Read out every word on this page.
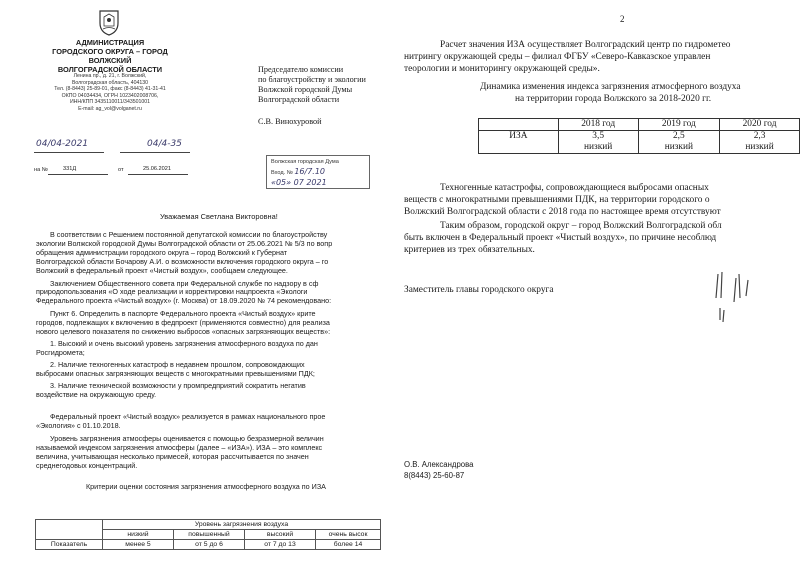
АДМИНИСТРАЦИЯ
ГОРОДСКОГО ОКРУГА – ГОРОД ВОЛЖСКИЙ
ВОЛГОГРАДСКОЙ ОБЛАСТИ
Ленина пр., д. 21, г. Волжский,
Волгоградская область, 404130
Тел. (8-8443) 25-89-01, факс (8-8443) 41-31-41
ОКПО 04034434, ОГРН 1023402008706,
ИНН/КПП 3435110011/343501001
E-mail: ag_vol@volganet.ru
04/04-2021	04/4-35
на №	331Д	от	25.06.2021
Председателю комиссии
по благоустройству и экологии
Волжской городской Думы
Волгоградской области
С.В. Винохуровой
Волжская городская Дума
Вход. № 16/7.10
«05» 07 2021
Уважаемая Светлана Викторовна!
В соответствии с Решением постоянной депутатской комиссии по благоустройству
экологии Волжской городской Думы Волгоградской области от 25.06.2021 № 5/3 по вопр
обращения администрации городского округа – город Волжский к Губернат
Волгоградской области Бочарову А.И. о возможности включения городского округа – го
Волжский в федеральный проект «Чистый воздух», сообщаем следующее.
Заключением Общественного совета при Федеральной службе по надзору в сф
природопользования «О ходе реализации и корректировки нацпроекта «Экологи
Федерального проекта «Чистый воздух» (г. Москва) от 18.09.2020 № 74 рекомендовано:
Пункт 6. Определить в паспорте Федерального проекта «Чистый воздух» крите
городов, подлежащих к включению в федпроект (применяются совместно) для реализа
нового целевого показателя по снижению выбросов «опасных загрязняющих веществ»:
1. Высокий и очень высокий уровень загрязнения атмосферного воздуха по дан
Росгидромета;
2. Наличие техногенных катастроф в недавнем прошлом, сопровождающих
выбросами опасных загрязняющих веществ с многократными превышениями ПДК;
3. Наличие технической возможности у промпредприятий сократить негатив
воздействие на окружающую среду.
Федеральный проект «Чистый воздух» реализуется в рамках национального прое
«Экология» с 01.10.2018.
Уровень загрязнения атмосферы оценивается с помощью безразмерной величин
называемой индексом загрязнения атмосферы (далее – «ИЗА»). ИЗА – это комплекс
величина, учитывающая несколько примесей, которая рассчитывается по значен
среднегодовых концентраций.
Критерии оценки состояния загрязнения атмосферного воздуха по ИЗА
	Уровень загрязнения воздуха			
	низкий	повышенный	высокий	очень высок
Показатель	менее 5	от 5 до 6	от 7 до 13	более 14
2
Расчет значения ИЗА осуществляет Волгоградский центр по гидрометео
нитрингу окружающей среды – филиал ФГБУ «Северо-Кавказское управлен
теорологии и мониторингу окружающей среды».
Динамика изменения индекса загрязнения атмосферного воздуха
на территории города Волжского за 2018-2020 гг.
	2018 год	2019 год	2020 год
ИЗА	3,5	2,5	2,3
	низкий	низкий	низкий
Техногенные катастрофы, сопровождающиеся выбросами опасных
веществ с многократными превышениями ПДК, на территории городского о
Волжский Волгоградской области с 2018 года по настоящее время отсутствуют
Таким образом, городской округ – город Волжский Волгоградской обл
быть включен в Федеральный проект «Чистый воздух», по причине несоблюд
критериев из трех обязательных.
Заместитель главы городского округа
О.В. Александрова
8(8443) 25-60-87
